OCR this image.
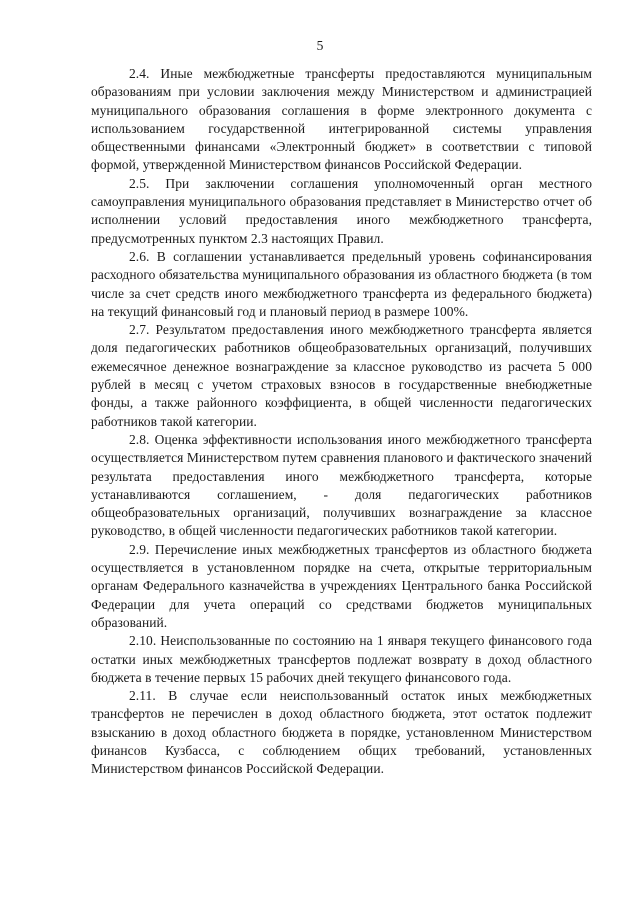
5

2.4. Иные межбюджетные трансферты предоставляются муниципальным образованиям при условии заключения между Министерством и администрацией муниципального образования соглашения в форме электронного документа с использованием государственной интегрированной системы управления общественными финансами «Электронный бюджет» в соответствии с типовой формой, утвержденной Министерством финансов Российской Федерации.

2.5. При заключении соглашения уполномоченный орган местного самоуправления муниципального образования представляет в Министерство отчет об исполнении условий предоставления иного межбюджетного трансферта, предусмотренных пунктом 2.3 настоящих Правил.

2.6. В соглашении устанавливается предельный уровень софинансирования расходного обязательства муниципального образования из областного бюджета (в том числе за счет средств иного межбюджетного трансферта из федерального бюджета) на текущий финансовый год и плановый период в размере 100%.

2.7. Результатом предоставления иного межбюджетного трансферта является доля педагогических работников общеобразовательных организаций, получивших ежемесячное денежное вознаграждение за классное руководство из расчета 5 000 рублей в месяц с учетом страховых взносов в государственные внебюджетные фонды, а также районного коэффициента, в общей численности педагогических работников такой категории.

2.8. Оценка эффективности использования иного межбюджетного трансферта осуществляется Министерством путем сравнения планового и фактического значений результата предоставления иного межбюджетного трансферта, которые устанавливаются соглашением, - доля педагогических работников общеобразовательных организаций, получивших вознаграждение за классное руководство, в общей численности педагогических работников такой категории.

2.9. Перечисление иных межбюджетных трансфертов из областного бюджета осуществляется в установленном порядке на счета, открытые территориальным органам Федерального казначейства в учреждениях Центрального банка Российской Федерации для учета операций со средствами бюджетов муниципальных образований.

2.10. Неиспользованные по состоянию на 1 января текущего финансового года остатки иных межбюджетных трансфертов подлежат возврату в доход областного бюджета в течение первых 15 рабочих дней текущего финансового года.

2.11. В случае если неиспользованный остаток иных межбюджетных трансфертов не перечислен в доход областного бюджета, этот остаток подлежит взысканию в доход областного бюджета в порядке, установленном Министерством финансов Кузбасса, с соблюдением общих требований, установленных Министерством финансов Российской Федерации.
